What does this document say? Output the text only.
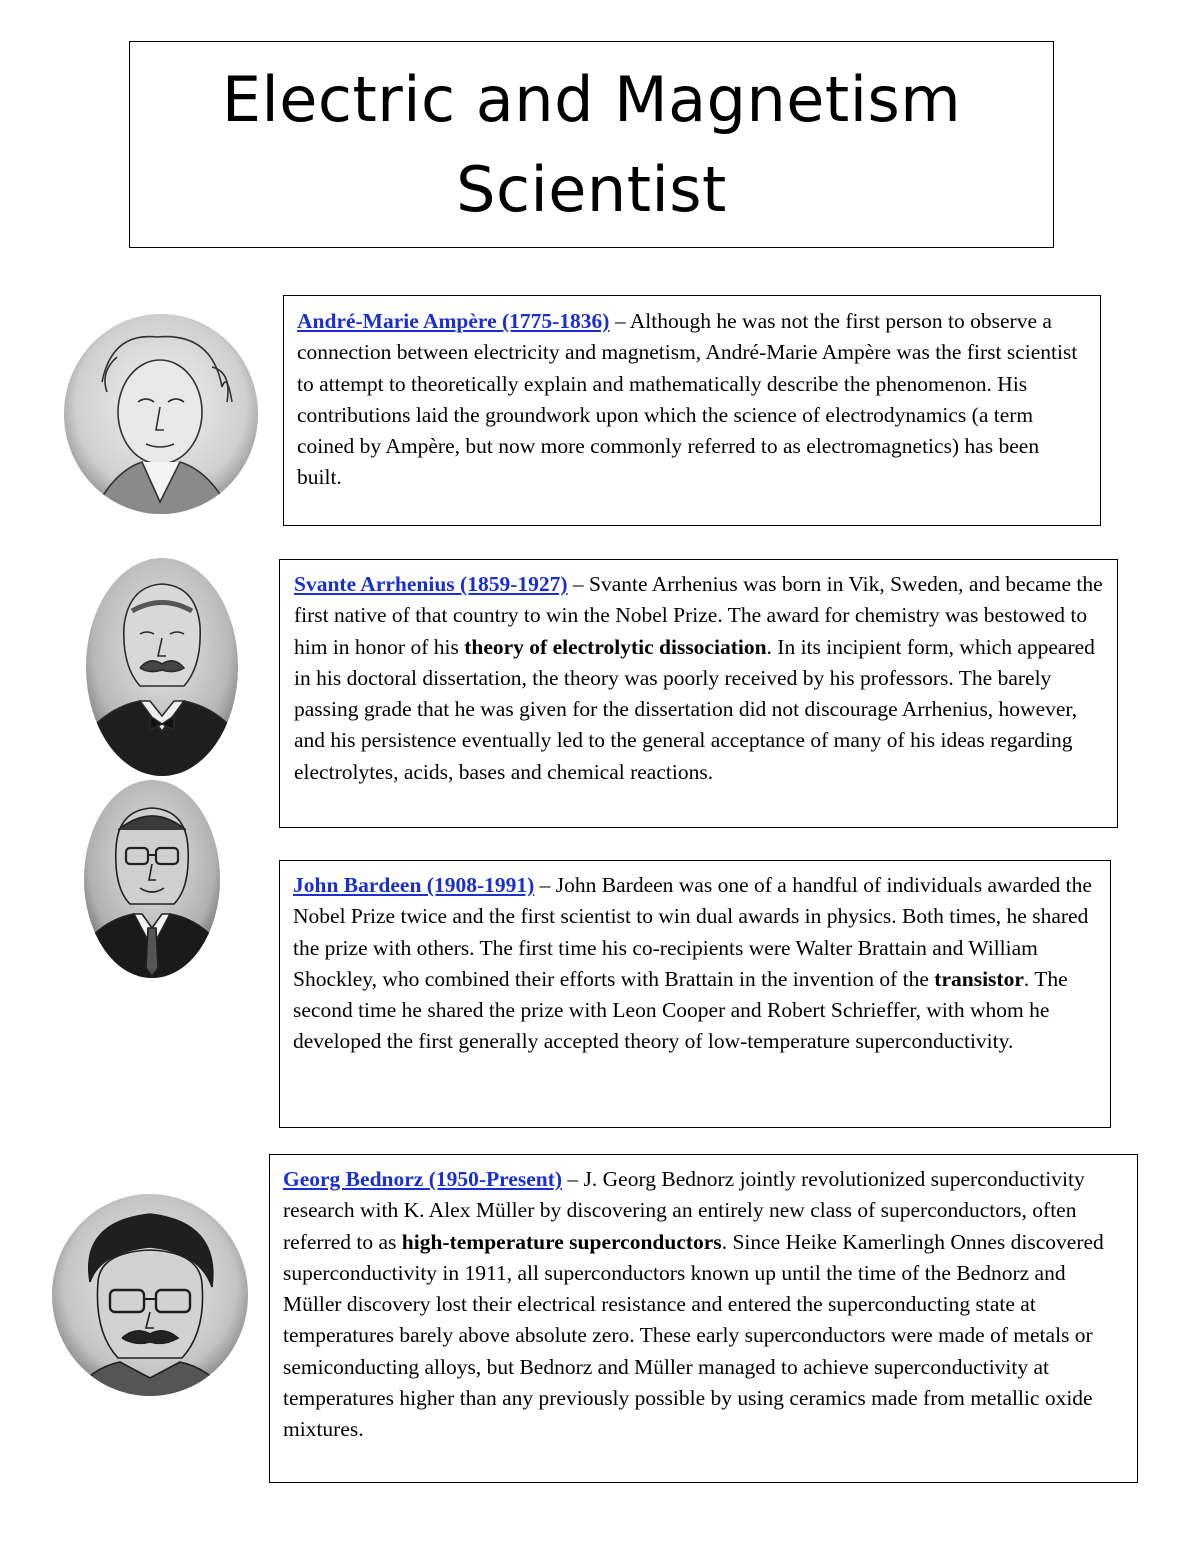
Electric and Magnetism
Scientist

André-Marie Ampère (1775-1836) – Although he was not the first person to observe a connection between electricity and magnetism, André-Marie Ampère was the first scientist to attempt to theoretically explain and mathematically describe the phenomenon. His contributions laid the groundwork upon which the science of electrodynamics (a term coined by Ampère, but now more commonly referred to as electromagnetics) has been built.

Svante Arrhenius (1859-1927) – Svante Arrhenius was born in Vik, Sweden, and became the first native of that country to win the Nobel Prize. The award for chemistry was bestowed to him in honor of his theory of electrolytic dissociation. In its incipient form, which appeared in his doctoral dissertation, the theory was poorly received by his professors. The barely passing grade that he was given for the dissertation did not discourage Arrhenius, however, and his persistence eventually led to the general acceptance of many of his ideas regarding electrolytes, acids, bases and chemical reactions.

John Bardeen (1908-1991) – John Bardeen was one of a handful of individuals awarded the Nobel Prize twice and the first scientist to win dual awards in physics. Both times, he shared the prize with others. The first time his co-recipients were Walter Brattain and William Shockley, who combined their efforts with Brattain in the invention of the transistor. The second time he shared the prize with Leon Cooper and Robert Schrieffer, with whom he developed the first generally accepted theory of low-temperature superconductivity.

Georg Bednorz (1950-Present) – J. Georg Bednorz jointly revolutionized superconductivity research with K. Alex Müller by discovering an entirely new class of superconductors, often referred to as high-temperature superconductors. Since Heike Kamerlingh Onnes discovered superconductivity in 1911, all superconductors known up until the time of the Bednorz and Müller discovery lost their electrical resistance and entered the superconducting state at temperatures barely above absolute zero. These early superconductors were made of metals or semiconducting alloys, but Bednorz and Müller managed to achieve superconductivity at temperatures higher than any previously possible by using ceramics made from metallic oxide mixtures.
